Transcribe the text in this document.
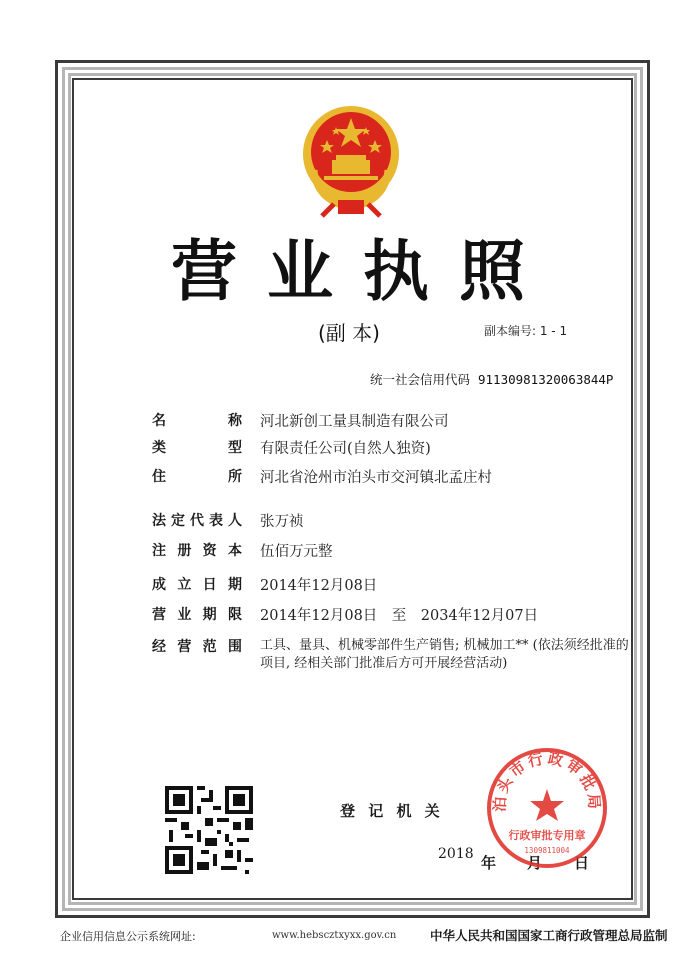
营业执照
(副 本)	副本编号: 1 - 1
统一社会信用代码 91130981320063844P
名　称 河北新创工量具制造有限公司
类　型 有限责任公司(自然人独资)
住　所 河北省沧州市泊头市交河镇北孟庄村
法定代表人 张万祯
注册资本 伍佰万元整
成立日期 2014年12月08日
营业期限 2014年12月08日　至　2034年12月07日
经营范围	工具、量具、机械零部件生产销售; 机械加工** (依法须经批准的项目, 经相关部门批准后方可开展经营活动)
登 记 机 关
2018 年 月 日
泊头市行政审批局
行政审批专用章
1309811004
企业信用信息公示系统网址:	www.hebscztxyxx.gov.cn	中华人民共和国国家工商行政管理总局监制
